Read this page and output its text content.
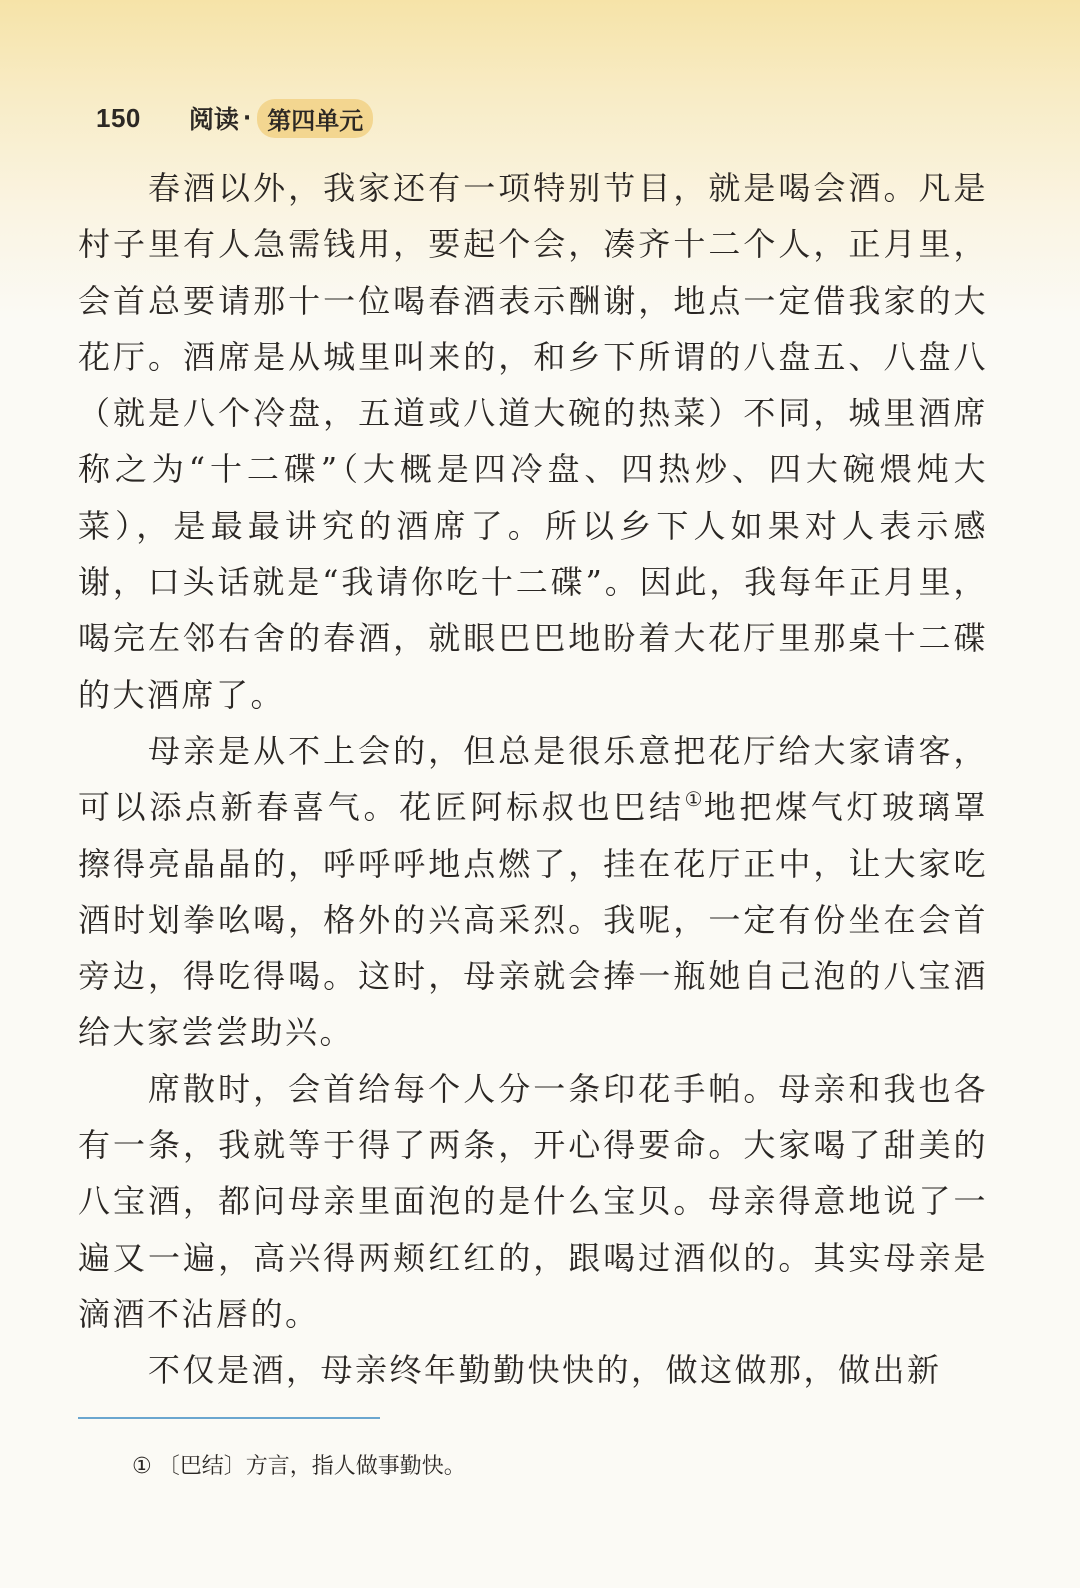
150 阅读 · 第四单元

春酒以外，我家还有一项特别节目，就是喝会酒。凡是村子里有人急需钱用，要起个会，凑齐十二个人，正月里，会首总要请那十一位喝春酒表示酬谢，地点一定借我家的大花厅。酒席是从城里叫来的，和乡下所谓的八盘五、八盘八（就是八个冷盘，五道或八道大碗的热菜）不同，城里酒席称之为“十二碟”（大概是四冷盘、四热炒、四大碗煨炖大菜），是最最讲究的酒席了。所以乡下人如果对人表示感谢，口头话就是“我请你吃十二碟”。因此，我每年正月里，喝完左邻右舍的春酒，就眼巴巴地盼着大花厅里那桌十二碟的大酒席了。

母亲是从不上会的，但总是很乐意把花厅给大家请客，可以添点新春喜气。花匠阿标叔也巴结①地把煤气灯玻璃罩擦得亮晶晶的，呼呼呼地点燃了，挂在花厅正中，让大家吃酒时划拳吆喝，格外的兴高采烈。我呢，一定有份坐在会首旁边，得吃得喝。这时，母亲就会捧一瓶她自己泡的八宝酒给大家尝尝助兴。

席散时，会首给每个人分一条印花手帕。母亲和我也各有一条，我就等于得了两条，开心得要命。大家喝了甜美的八宝酒，都问母亲里面泡的是什么宝贝。母亲得意地说了一遍又一遍，高兴得两颊红红的，跟喝过酒似的。其实母亲是滴酒不沾唇的。

不仅是酒，母亲终年勤勤快快的，做这做那，做出新

① 〔巴结〕方言，指人做事勤快。
